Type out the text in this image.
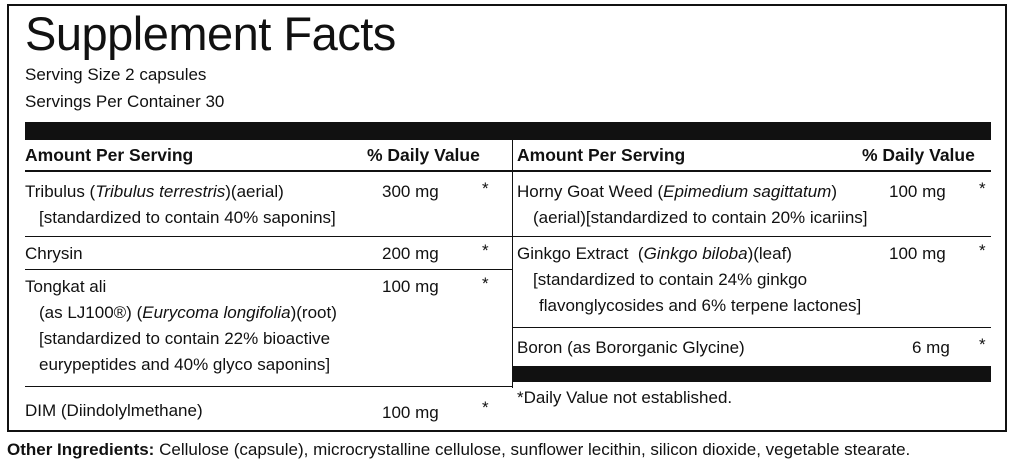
Supplement Facts
Serving Size 2 capsules
Servings Per Container 30
Amount Per Serving	% Daily Value
Tribulus (Tribulus terrestris)(aerial)
[standardized to contain 40% saponins]
300 mg	*
Chrysin	200 mg	*
Tongkat ali
(as LJ100®) (Eurycoma longifolia)(root)
[standardized to contain 22% bioactive
eurypeptides and 40% glyco saponins]
100 mg	*
DIM (Diindolylmethane)	100 mg	*
Amount Per Serving	% Daily Value
Horny Goat Weed (Epimedium sagittatum)
(aerial)[standardized to contain 20% icariins]
100 mg *
Ginkgo Extract  (Ginkgo biloba)(leaf)
[standardized to contain 24% ginkgo
flavonglycosides and 6% terpene lactones]
100 mg *
Boron (as Bororganic Glycine)	6 mg *
*Daily Value not established.
Other Ingredients: Cellulose (capsule), microcrystalline cellulose, sunflower lecithin, silicon dioxide, vegetable stearate.
